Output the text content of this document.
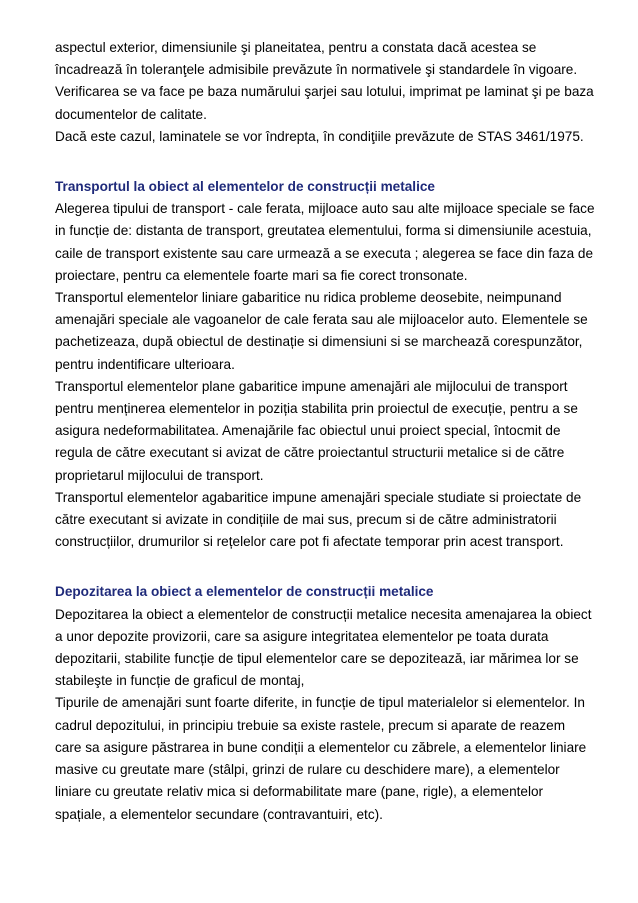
aspectul exterior, dimensiunile şi planeitatea, pentru a constata dacă acestea se încadrează în toleranţele admisibile prevăzute în normativele şi standardele în vigoare.

Verificarea se va face pe baza numărului şarjei sau lotului, imprimat pe laminat şi pe baza documentelor de calitate.

Dacă este cazul, laminatele se vor îndrepta, în condiţiile prevăzute de STAS 3461/1975.

Transportul la obiect al elementelor de construcții metalice

Alegerea tipului de transport - cale ferata, mijloace auto sau alte mijloace speciale se face in funcție de: distanta de transport, greutatea elementului, forma si dimensiunile acestuia, caile de transport existente sau care urmează a se executa ; alegerea se face din faza de proiectare, pentru ca elementele foarte mari sa fie corect tronsonate.

Transportul elementelor liniare gabaritice nu ridica probleme deosebite, neimpunand amenajări speciale ale vagoanelor de cale ferata sau ale mijloacelor auto. Elementele se pachetizeaza, după obiectul de destinație si dimensiuni si se marchează corespunzător, pentru indentificare ulterioara.

Transportul elementelor plane gabaritice impune amenajări ale mijlocului de transport pentru menținerea elementelor in poziția stabilita prin proiectul de execuție, pentru a se asigura nedeformabilitatea. Amenajările fac obiectul unui proiect special, întocmit de regula de către executant si avizat de către proiectantul structurii metalice si de către proprietarul mijlocului de transport.

Transportul elementelor agabaritice impune amenajări speciale studiate si proiectate de către executant si avizate in condițiile de mai sus, precum si de către administratorii construcțiilor, drumurilor si rețelelor care pot fi afectate temporar prin acest transport.

Depozitarea la obiect a elementelor de construcții metalice

Depozitarea la obiect a elementelor de construcții metalice necesita amenajarea la obiect a unor depozite provizorii, care sa asigure integritatea elementelor pe toata durata depozitarii, stabilite funcție de tipul elementelor care se depozitează, iar mărimea lor se stabileşte in funcție de graficul de montaj,

Tipurile de amenajări sunt foarte diferite, in funcție de tipul materialelor si elementelor. In cadrul depozitului, in principiu trebuie sa existe rastele, precum si aparate de reazem care sa asigure păstrarea in bune condiții a elementelor cu zăbrele, a elementelor liniare masive cu greutate mare (stâlpi, grinzi de rulare cu deschidere mare), a elementelor liniare cu greutate relativ mica si deformabilitate mare (pane, rigle), a elementelor spațiale, a elementelor secundare (contravantuiri, etc).
